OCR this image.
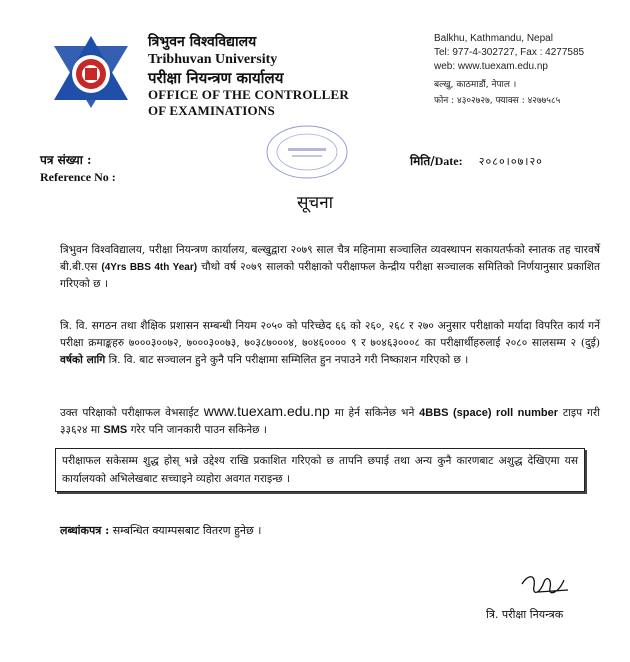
त्रिभुवन विश्वविद्यालय
Tribhuvan University
परीक्षा नियन्त्रण कार्यालय
OFFICE OF THE CONTROLLER
OF EXAMINATIONS
Balkhu, Kathmandu, Nepal
Tel: 977-4-302727, Fax : 4277585
web: www.tuexam.edu.np
बल्खु, काठमाडौं, नेपाल ।
फोन : ४३०२७२७, फ्याक्स : ४२७७५८५
पत्र संख्या :
Reference No :
मिति/Date: २०८०।०७।२०
सूचना
त्रिभुवन विश्वविद्यालय, परीक्षा नियन्त्रण कार्यालय, बल्खुद्वारा २०७९ साल चैत्र महिनामा सञ्चालित व्यवस्थापन सकायतर्फको स्नातक तह चारवर्षे बी.बी.एस (4Yrs BBS 4th Year) चौथो वर्ष २०७९ सालको परीक्षाको परीक्षाफल केन्द्रीय परीक्षा सञ्चालक समितिको निर्णयानुसार प्रकाशित गरिएको छ ।
त्रि. वि. सगठन तथा शैक्षिक प्रशासन सम्बन्धी नियम २०५० को परिच्छेद ६६ को २६०, २६८ र २७० अनुसार परीक्षाको मर्यादा विपरित कार्य गर्ने परीक्षा क्रमाङ्कहरु ७०००३००७२, ७०००३००७३, ७०३८७०००४, ७०४६०००० ९ र ७०४६३०००८ का परीक्षार्थीहरुलाई २०८० सालसम्म २ (दुई) वर्षको लागि त्रि. वि. बाट सञ्चालन हुने कुनै पनि परीक्षामा सम्मिलित हुन नपाउने गरी निष्काशन गरिएको छ ।
उक्त परिक्षाको परीक्षाफल वेभसाईट www.tuexam.edu.np मा हेर्न सकिनेछ भने 4BBS (space) roll number टाइप गरी ३३६२४ मा SMS गरेर पनि जानकारी पाउन सकिनेछ ।
परीक्षाफल सकेसम्म शुद्ध होस् भन्ने उद्देश्य राखि प्रकाशित गरिएको छ तापनि छपाई तथा अन्य कुनै कारणबाट अशुद्ध देखिएमा यस कार्यालयको अभिलेखबाट सच्चाइने व्यहोरा अवगत गराइन्छ ।
लब्धांकपत्र : सम्बन्धित क्याम्पसबाट वितरण हुनेछ ।
त्रि. परीक्षा नियन्त्रक
